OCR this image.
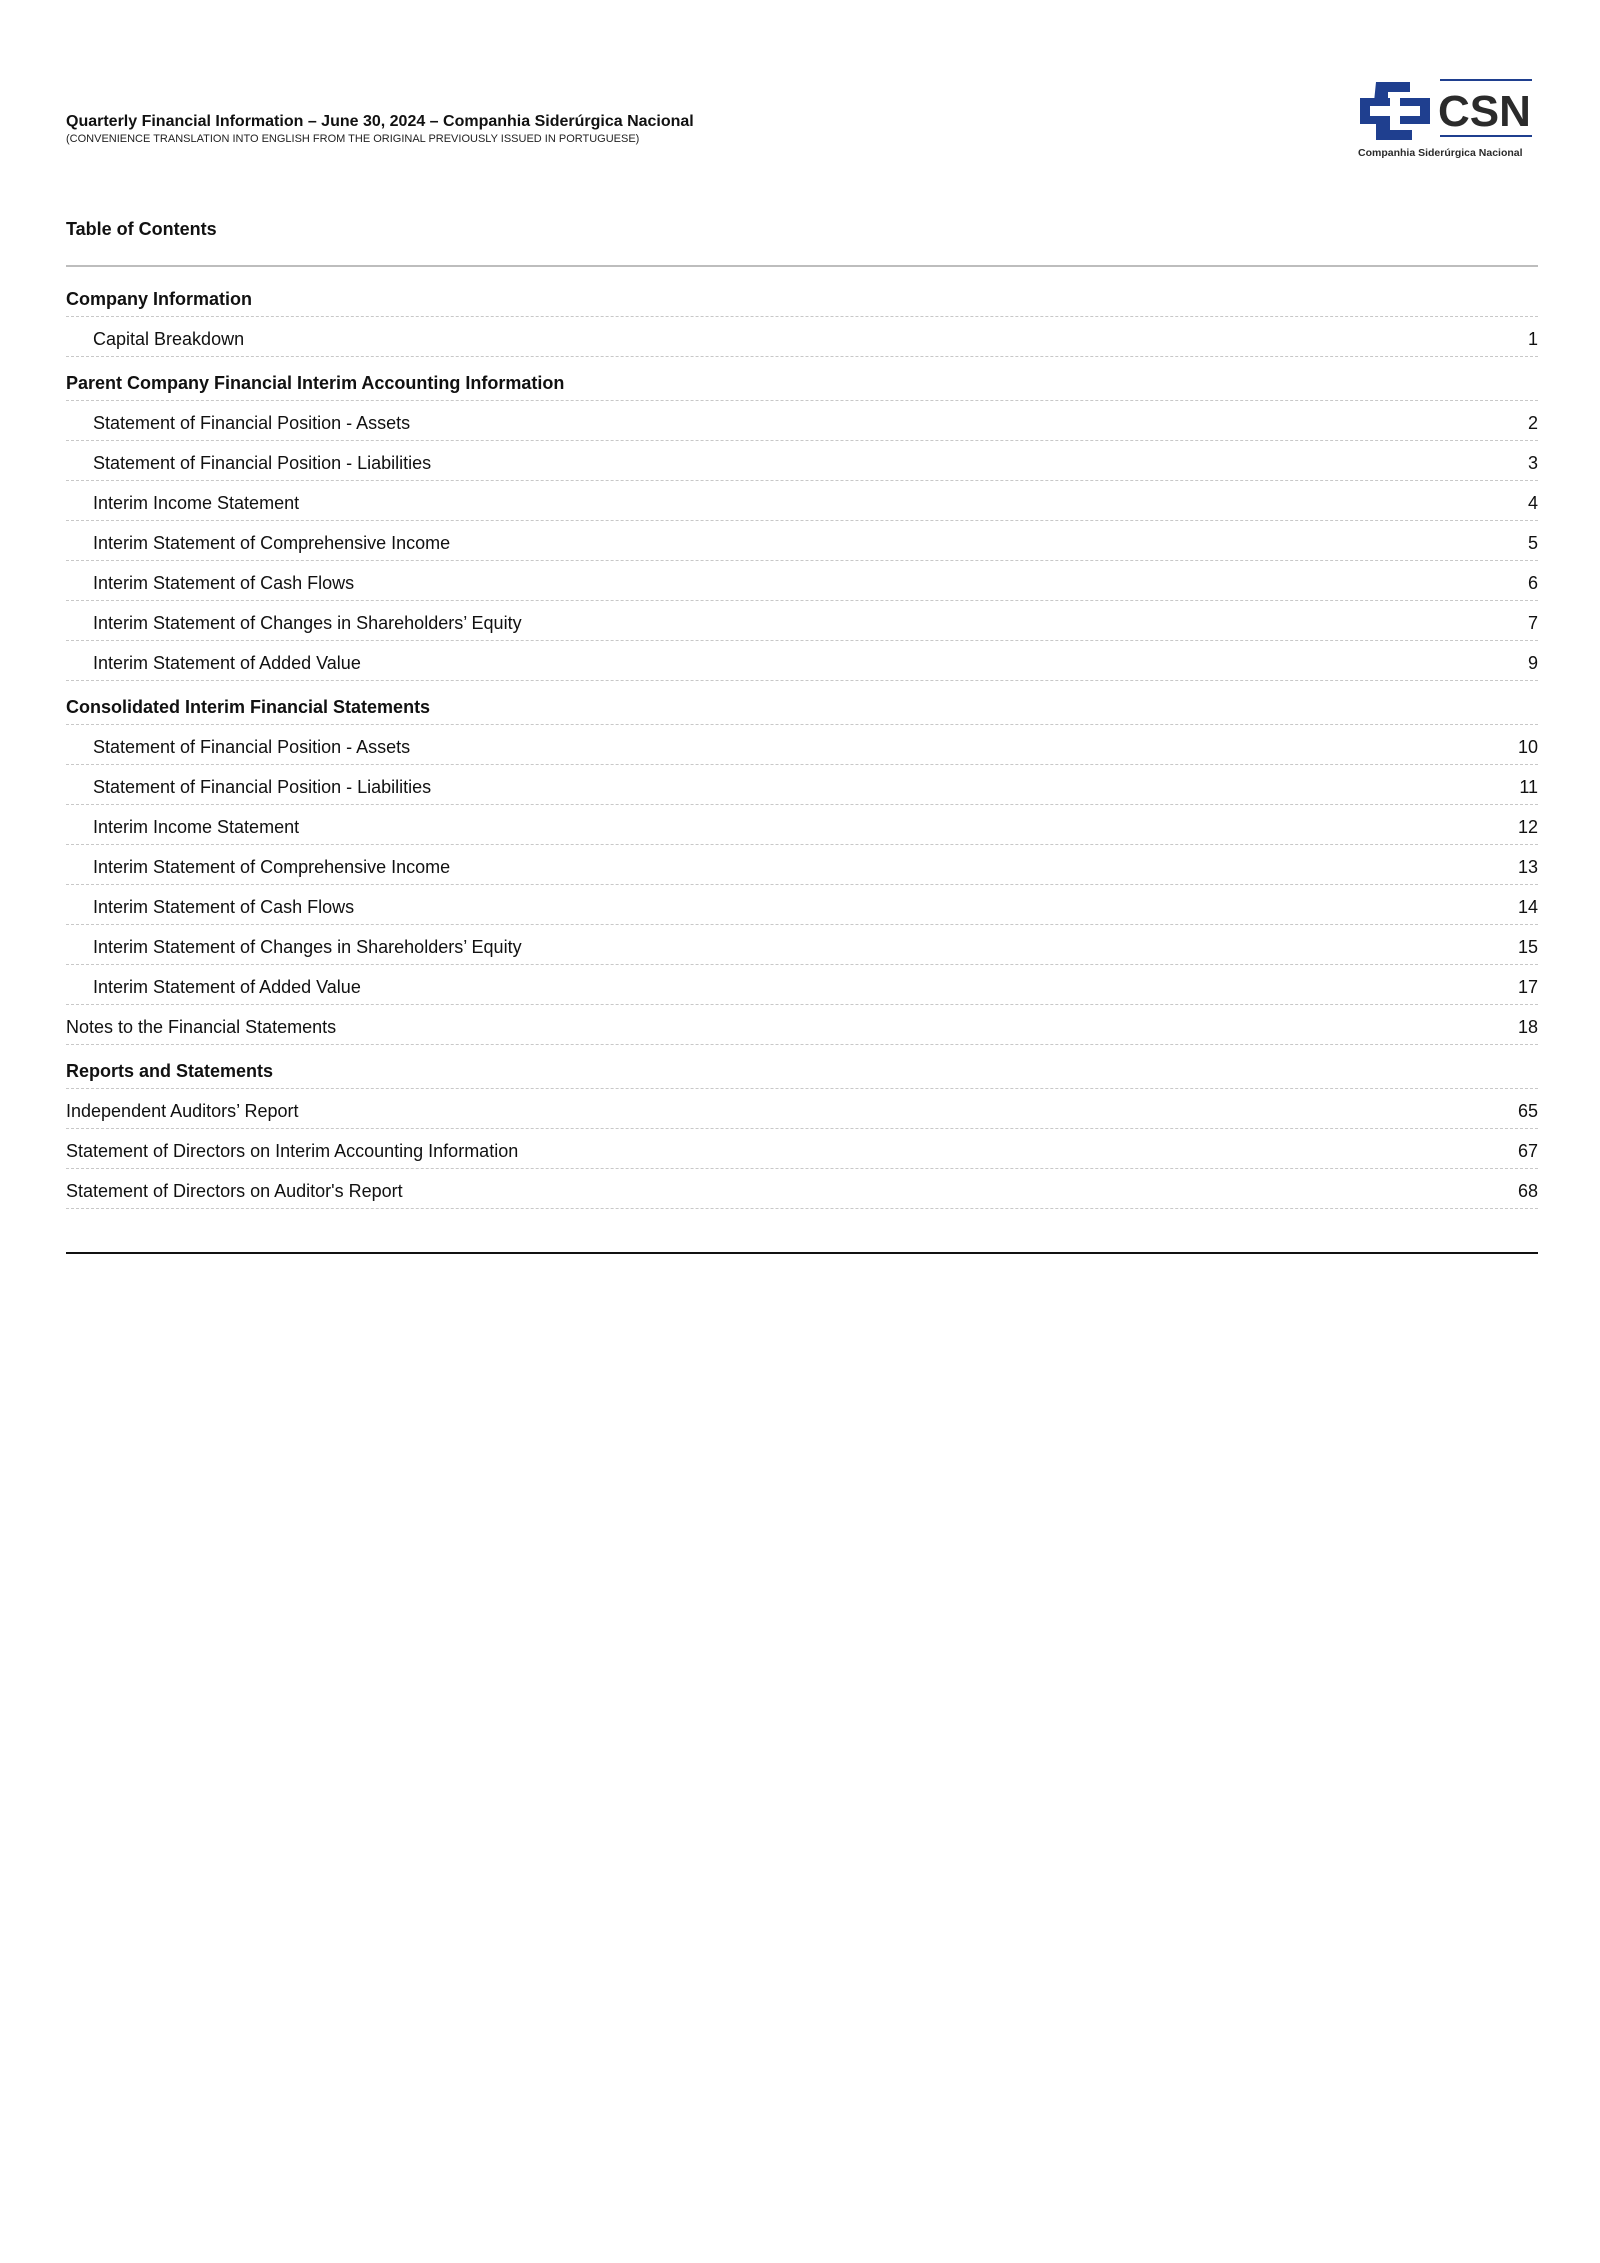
Quarterly Financial Information – June 30, 2024 – Companhia Siderúrgica Nacional
(CONVENIENCE TRANSLATION INTO ENGLISH FROM THE ORIGINAL PREVIOUSLY ISSUED IN PORTUGUESE)
CSN
Companhia Siderúrgica Nacional
Table of Contents
Company Information
Capital Breakdown	1
Parent Company Financial Interim Accounting Information
Statement of Financial Position - Assets	2
Statement of Financial Position - Liabilities	3
Interim Income Statement	4
Interim Statement of Comprehensive Income	5
Interim Statement of Cash Flows	6
Interim Statement of Changes in Shareholders’ Equity	7
Interim Statement of Added Value	9
Consolidated Interim Financial Statements
Statement of Financial Position - Assets	10
Statement of Financial Position - Liabilities	11
Interim Income Statement	12
Interim Statement of Comprehensive Income	13
Interim Statement of Cash Flows	14
Interim Statement of Changes in Shareholders’ Equity	15
Interim Statement of Added Value	17
Notes to the Financial Statements	18
Reports and Statements
Independent Auditors’ Report	65
Statement of Directors on Interim Accounting Information	67
Statement of Directors on Auditor's Report	68
